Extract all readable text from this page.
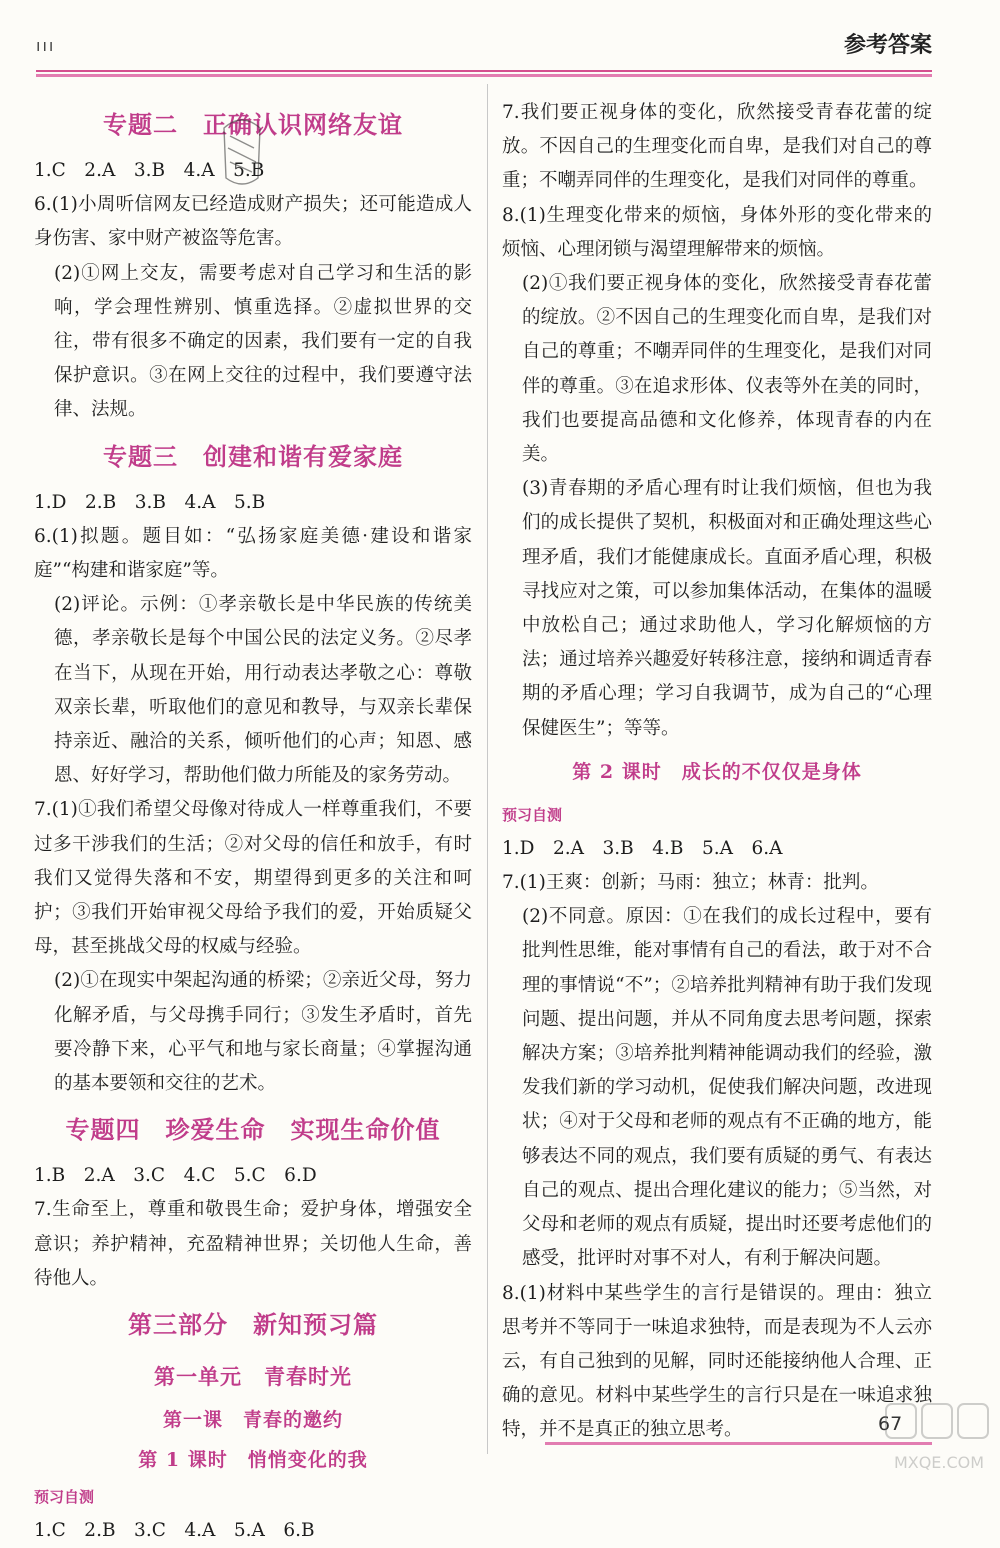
ııı	参考答案

专题二　正确认识网络友谊

1.C　2.A　3.B　4.A　5.B

6.(1)小周听信网友已经造成财产损失；还可能造成人身伤害、家中财产被盗等危害。

(2)①网上交友，需要考虑对自己学习和生活的影响，学会理性辨别、慎重选择。②虚拟世界的交往，带有很多不确定的因素，我们要有一定的自我保护意识。③在网上交往的过程中，我们要遵守法律、法规。

专题三　创建和谐有爱家庭

1.D　2.B　3.B　4.A　5.B

6.(1)拟题。题目如：“弘扬家庭美德·建设和谐家庭”“构建和谐家庭”等。

(2)评论。示例：①孝亲敬长是中华民族的传统美德，孝亲敬长是每个中国公民的法定义务。②尽孝在当下，从现在开始，用行动表达孝敬之心：尊敬双亲长辈，听取他们的意见和教导，与双亲长辈保持亲近、融洽的关系，倾听他们的心声；知恩、感恩、好好学习，帮助他们做力所能及的家务劳动。

7.(1)①我们希望父母像对待成人一样尊重我们，不要过多干涉我们的生活；②对父母的信任和放手，有时我们又觉得失落和不安，期望得到更多的关注和呵护；③我们开始审视父母给予我们的爱，开始质疑父母，甚至挑战父母的权威与经验。

(2)①在现实中架起沟通的桥梁；②亲近父母，努力化解矛盾，与父母携手同行；③发生矛盾时，首先要冷静下来，心平气和地与家长商量；④掌握沟通的基本要领和交往的艺术。

专题四　珍爱生命　实现生命价值

1.B　2.A　3.C　4.C　5.C　6.D

7.生命至上，尊重和敬畏生命；爱护身体，增强安全意识；养护精神，充盈精神世界；关切他人生命，善待他人。

第三部分　新知预习篇

第一单元　青春时光

第一课　青春的邀约

第 1 课时　悄悄变化的我

预习自测

1.C　2.B　3.C　4.A　5.A　6.B

7.我们要正视身体的变化，欣然接受青春花蕾的绽放。不因自己的生理变化而自卑，是我们对自己的尊重；不嘲弄同伴的生理变化，是我们对同伴的尊重。

8.(1)生理变化带来的烦恼，身体外形的变化带来的烦恼、心理闭锁与渴望理解带来的烦恼。

(2)①我们要正视身体的变化，欣然接受青春花蕾的绽放。②不因自己的生理变化而自卑，是我们对自己的尊重；不嘲弄同伴的生理变化，是我们对同伴的尊重。③在追求形体、仪表等外在美的同时，我们也要提高品德和文化修养，体现青春的内在美。

(3)青春期的矛盾心理有时让我们烦恼，但也为我们的成长提供了契机，积极面对和正确处理这些心理矛盾，我们才能健康成长。直面矛盾心理，积极寻找应对之策，可以参加集体活动，在集体的温暖中放松自己；通过求助他人，学习化解烦恼的方法；通过培养兴趣爱好转移注意，接纳和调适青春期的矛盾心理；学习自我调节，成为自己的“心理保健医生”；等等。

第 2 课时　成长的不仅仅是身体

预习自测

1.D　2.A　3.B　4.B　5.A　6.A

7.(1)王爽：创新；马雨：独立；林青：批判。

(2)不同意。原因：①在我们的成长过程中，要有批判性思维，能对事情有自己的看法，敢于对不合理的事情说“不”；②培养批判精神有助于我们发现问题、提出问题，并从不同角度去思考问题，探索解决方案；③培养批判精神能调动我们的经验，激发我们新的学习动机，促使我们解决问题，改进现状；④对于父母和老师的观点有不正确的地方，能够表达不同的观点，我们要有质疑的勇气、有表达自己的观点、提出合理化建议的能力；⑤当然，对父母和老师的观点有质疑，提出时还要考虑他们的感受，批评时对事不对人，有利于解决问题。

8.(1)材料中某些学生的言行是错误的。理由：独立思考并不等同于一味追求独特，而是表现为不人云亦云，有自己独到的见解，同时还能接纳他人合理、正确的意见。材料中某些学生的言行只是在一味追求独特，并不是真正的独立思考。	67
MXQE.COM
